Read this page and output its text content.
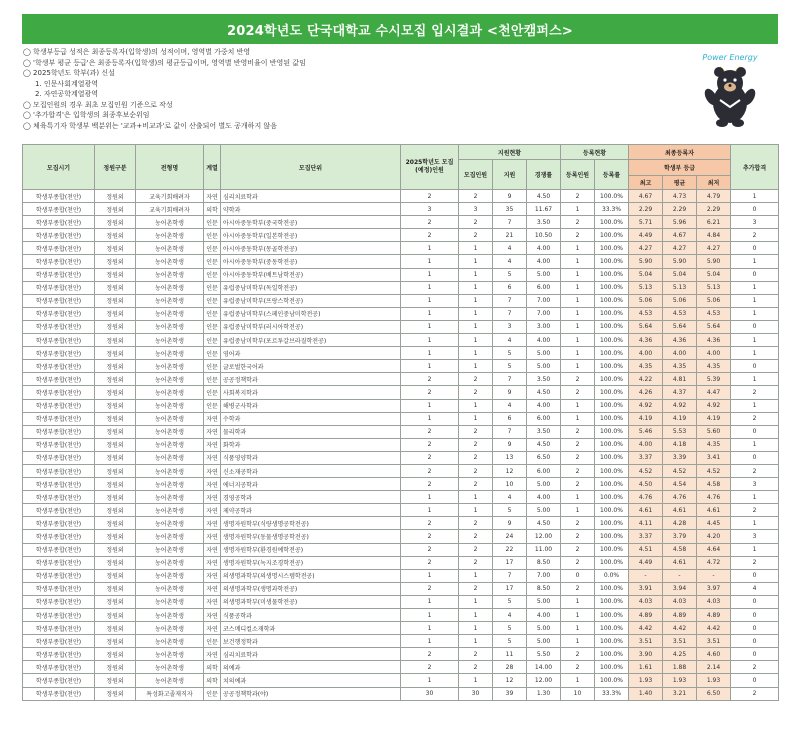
2024학년도 단국대학교 수시모집 입시결과 <천안캠퍼스>
◯ 학생부등급 성적은 최종등록자(입학생)의 성적이며, 영역별 가중치 반영
◯ '학생부 평균 등급'은 최종등록자(입학생)의 평균등급이며, 영역별 반영비율이 반영된 값임
◯ 2025학년도 학부(과) 신설
1. 인문사회계열광역
2. 자연공학계열광역
◯ 모집인원의 경우 최초 모집인원 기준으로 작성
◯ '추가합격'은 입학생의 최종후보순위임
◯ 체육특기자 학생부 백분위는 '교과+비교과'로 값이 산출되어 별도 공개하지 않음
Power Energy
모집시기	정원구분	전형명	계열	모집단위	2025학년도 모집 (예정)인원	지원현황			등록현황		최종등록자			추가합격
						모집인원	지원	경쟁률	등록인원	등록률	학생부 등급			
											최고	평균	최저	
학생부종합(천안)	정원외	교육기회배려자	자연	심리치료학과	2	2	9	4.50	2	100.0%	4.67	4.73	4.79	1
학생부종합(천안)	정원외	교육기회배려자	의학	약학과	3	3	35	11.67	1	33.3%	2.29	2.29	2.29	0
학생부종합(천안)	정원외	농어촌학생	인문	아시아중동학부(중국학전공)	2	2	7	3.50	2	100.0%	5.71	5.96	6.21	3
학생부종합(천안)	정원외	농어촌학생	인문	아시아중동학부(일본학전공)	2	2	21	10.50	2	100.0%	4.49	4.67	4.84	2
학생부종합(천안)	정원외	농어촌학생	인문	아시아중동학부(몽골학전공)	1	1	4	4.00	1	100.0%	4.27	4.27	4.27	0
학생부종합(천안)	정원외	농어촌학생	인문	아시아중동학부(중동학전공)	1	1	4	4.00	1	100.0%	5.90	5.90	5.90	1
학생부종합(천안)	정원외	농어촌학생	인문	아시아중동학부(베트남학전공)	1	1	5	5.00	1	100.0%	5.04	5.04	5.04	0
학생부종합(천안)	정원외	농어촌학생	인문	유럽중남미학부(독일학전공)	1	1	6	6.00	1	100.0%	5.13	5.13	5.13	1
학생부종합(천안)	정원외	농어촌학생	인문	유럽중남미학부(프랑스학전공)	1	1	7	7.00	1	100.0%	5.06	5.06	5.06	1
학생부종합(천안)	정원외	농어촌학생	인문	유럽중남미학부(스페인중남미학전공)	1	1	7	7.00	1	100.0%	4.53	4.53	4.53	1
학생부종합(천안)	정원외	농어촌학생	인문	유럽중남미학부(러시아학전공)	1	1	3	3.00	1	100.0%	5.64	5.64	5.64	0
학생부종합(천안)	정원외	농어촌학생	인문	유럽중남미학부(포르투갈브라질학전공)	1	1	4	4.00	1	100.0%	4.36	4.36	4.36	1
학생부종합(천안)	정원외	농어촌학생	인문	영어과	1	1	5	5.00	1	100.0%	4.00	4.00	4.00	1
학생부종합(천안)	정원외	농어촌학생	인문	글로벌한국어과	1	1	5	5.00	1	100.0%	4.35	4.35	4.35	0
학생부종합(천안)	정원외	농어촌학생	인문	공공정책학과	2	2	7	3.50	2	100.0%	4.22	4.81	5.39	1
학생부종합(천안)	정원외	농어촌학생	인문	사회복지학과	2	2	9	4.50	2	100.0%	4.26	4.37	4.47	2
학생부종합(천안)	정원외	농어촌학생	인문	해병군사학과	1	1	4	4.00	1	100.0%	4.92	4.92	4.92	1
학생부종합(천안)	정원외	농어촌학생	자연	수학과	1	1	6	6.00	1	100.0%	4.19	4.19	4.19	2
학생부종합(천안)	정원외	농어촌학생	자연	물리학과	2	2	7	3.50	2	100.0%	5.46	5.53	5.60	0
학생부종합(천안)	정원외	농어촌학생	자연	화학과	2	2	9	4.50	2	100.0%	4.00	4.18	4.35	1
학생부종합(천안)	정원외	농어촌학생	자연	식품영양학과	2	2	13	6.50	2	100.0%	3.37	3.39	3.41	0
학생부종합(천안)	정원외	농어촌학생	자연	신소재공학과	2	2	12	6.00	2	100.0%	4.52	4.52	4.52	2
학생부종합(천안)	정원외	농어촌학생	자연	에너지공학과	2	2	10	5.00	2	100.0%	4.50	4.54	4.58	3
학생부종합(천안)	정원외	농어촌학생	자연	경영공학과	1	1	4	4.00	1	100.0%	4.76	4.76	4.76	1
학생부종합(천안)	정원외	농어촌학생	자연	제약공학과	1	1	5	5.00	1	100.0%	4.61	4.61	4.61	2
학생부종합(천안)	정원외	농어촌학생	자연	생명자원학부(식량생명공학전공)	2	2	9	4.50	2	100.0%	4.11	4.28	4.45	1
학생부종합(천안)	정원외	농어촌학생	자연	생명자원학부(동물생명공학전공)	2	2	24	12.00	2	100.0%	3.37	3.79	4.20	3
학생부종합(천안)	정원외	농어촌학생	자연	생명자원학부(환경원예학전공)	2	2	22	11.00	2	100.0%	4.51	4.58	4.64	1
학생부종합(천안)	정원외	농어촌학생	자연	생명자원학부(녹지조경학전공)	2	2	17	8.50	2	100.0%	4.49	4.61	4.72	2
학생부종합(천안)	정원외	농어촌학생	자연	의생명과학부(의생명시스템학전공)	1	1	7	7.00	0	0.0%	-	-	-	0
학생부종합(천안)	정원외	농어촌학생	자연	의생명과학부(생명과학전공)	2	2	17	8.50	2	100.0%	3.91	3.94	3.97	4
학생부종합(천안)	정원외	농어촌학생	자연	의생명과학부(미생물학전공)	1	1	5	5.00	1	100.0%	4.03	4.03	4.03	0
학생부종합(천안)	정원외	농어촌학생	자연	식품공학과	1	1	4	4.00	1	100.0%	4.89	4.89	4.89	0
학생부종합(천안)	정원외	농어촌학생	자연	코스메디컬소재학과	1	1	5	5.00	1	100.0%	4.42	4.42	4.42	0
학생부종합(천안)	정원외	농어촌학생	인문	보건행정학과	1	1	5	5.00	1	100.0%	3.51	3.51	3.51	0
학생부종합(천안)	정원외	농어촌학생	자연	심리치료학과	2	2	11	5.50	2	100.0%	3.90	4.25	4.60	0
학생부종합(천안)	정원외	농어촌학생	의학	의예과	2	2	28	14.00	2	100.0%	1.61	1.88	2.14	2
학생부종합(천안)	정원외	농어촌학생	의학	치의예과	1	1	12	12.00	1	100.0%	1.93	1.93	1.93	0
학생부종합(천안)	정원외	특성화고졸재직자	인문	공공정책학과(야)	30	30	39	1.30	10	33.3%	1.40	3.21	6.50	2
